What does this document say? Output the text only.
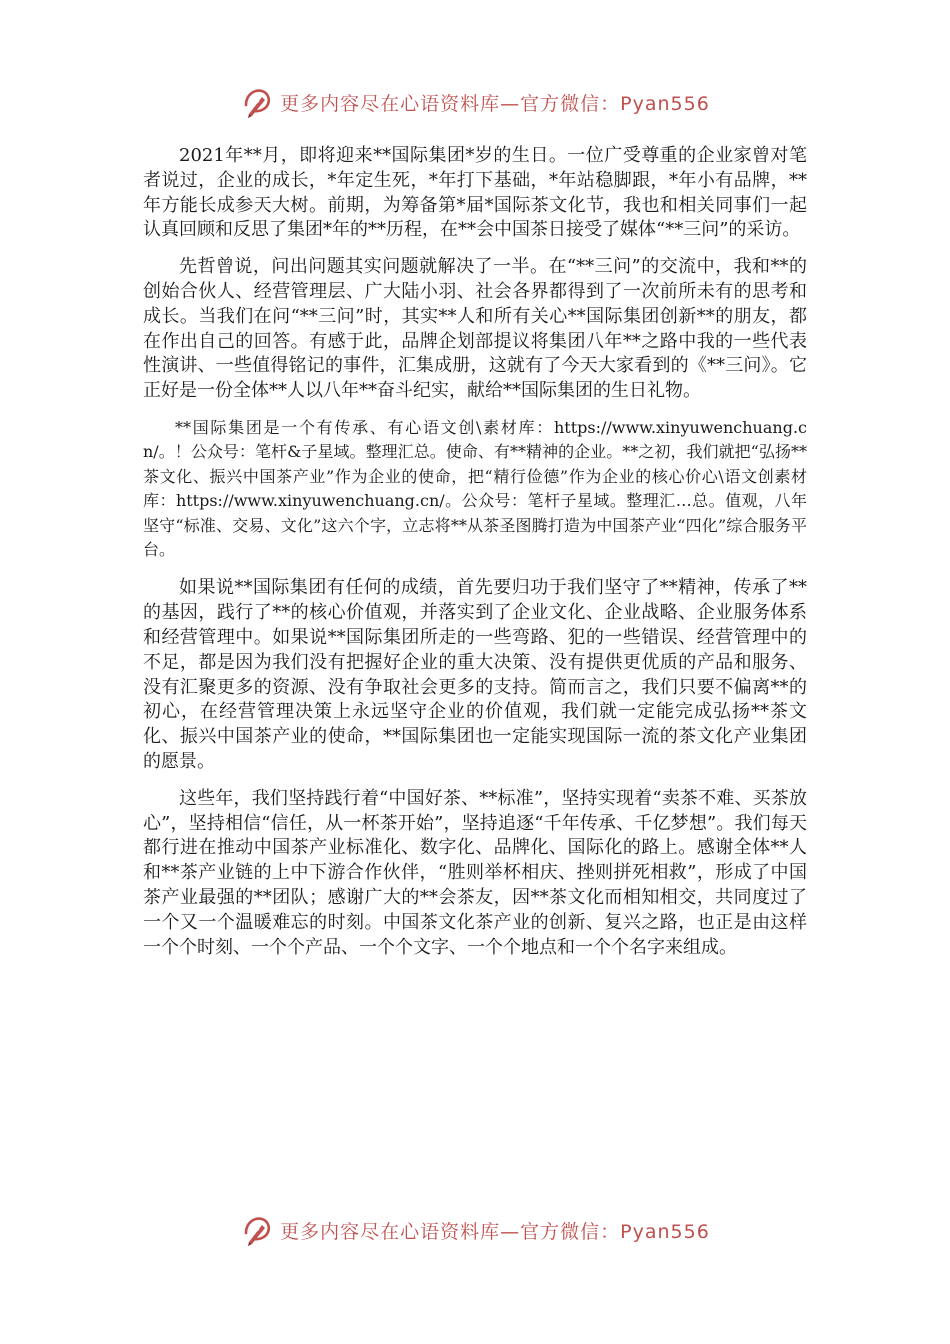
更多内容尽在心语资料库—官方微信：Pyan556

2021年**月，即将迎来**国际集团*岁的生日。一位广受尊重的企业家曾对笔者说过，企业的成长，*年定生死，*年打下基础，*年站稳脚跟，*年小有品牌，**年方能长成参天大树。前期，为筹备第*届*国际茶文化节，我也和相关同事们一起认真回顾和反思了集团*年的**历程，在**会中国茶日接受了媒体“**三问”的采访。

先哲曾说，问出问题其实问题就解决了一半。在“**三问”的交流中，我和**的创始合伙人、经营管理层、广大陆小羽、社会各界都得到了一次前所未有的思考和成长。当我们在问“**三问”时，其实**人和所有关心**国际集团创新**的朋友，都在作出自己的回答。有感于此，品牌企划部提议将集团八年**之路中我的一些代表性演讲、一些值得铭记的事件，汇集成册，这就有了今天大家看到的《**三问》。它正好是一份全体**人以八年**奋斗纪实，献给**国际集团的生日礼物。

**国际集团是一个有传承、有心语文创\素材库：https://www.xinyuwenchuang.cn/。！公众号：笔杆&子星域。整理汇总。使命、有**精神的企业。**之初，我们就把“弘扬**茶文化、振兴中国茶产业”作为企业的使命，把“精行俭德”作为企业的核心价心\语文创素材库：https://www.xinyuwenchuang.cn/。公众号：笔杆子星域。整理汇…总。值观，八年坚守“标准、交易、文化”这六个字，立志将**从茶圣图腾打造为中国茶产业“四化”综合服务平台。

如果说**国际集团有任何的成绩，首先要归功于我们坚守了**精神，传承了**的基因，践行了**的核心价值观，并落实到了企业文化、企业战略、企业服务体系和经营管理中。如果说**国际集团所走的一些弯路、犯的一些错误、经营管理中的不足，都是因为我们没有把握好企业的重大决策、没有提供更优质的产品和服务、没有汇聚更多的资源、没有争取社会更多的支持。简而言之，我们只要不偏离**的初心，在经营管理决策上永远坚守企业的价值观，我们就一定能完成弘扬**茶文化、振兴中国茶产业的使命，**国际集团也一定能实现国际一流的茶文化产业集团的愿景。

这些年，我们坚持践行着“中国好茶、**标准”，坚持实现着“卖茶不难、买茶放心”，坚持相信“信任，从一杯茶开始”，坚持追逐“千年传承、千亿梦想”。我们每天都行进在推动中国茶产业标准化、数字化、品牌化、国际化的路上。感谢全体**人和**茶产业链的上中下游合作伙伴，“胜则举杯相庆、挫则拼死相救”，形成了中国茶产业最强的**团队；感谢广大的**会茶友，因**茶文化而相知相交，共同度过了一个又一个温暖难忘的时刻。中国茶文化茶产业的创新、复兴之路，也正是由这样一个个时刻、一个个产品、一个个文字、一个个地点和一个个名字来组成。

更多内容尽在心语资料库—官方微信：Pyan556
